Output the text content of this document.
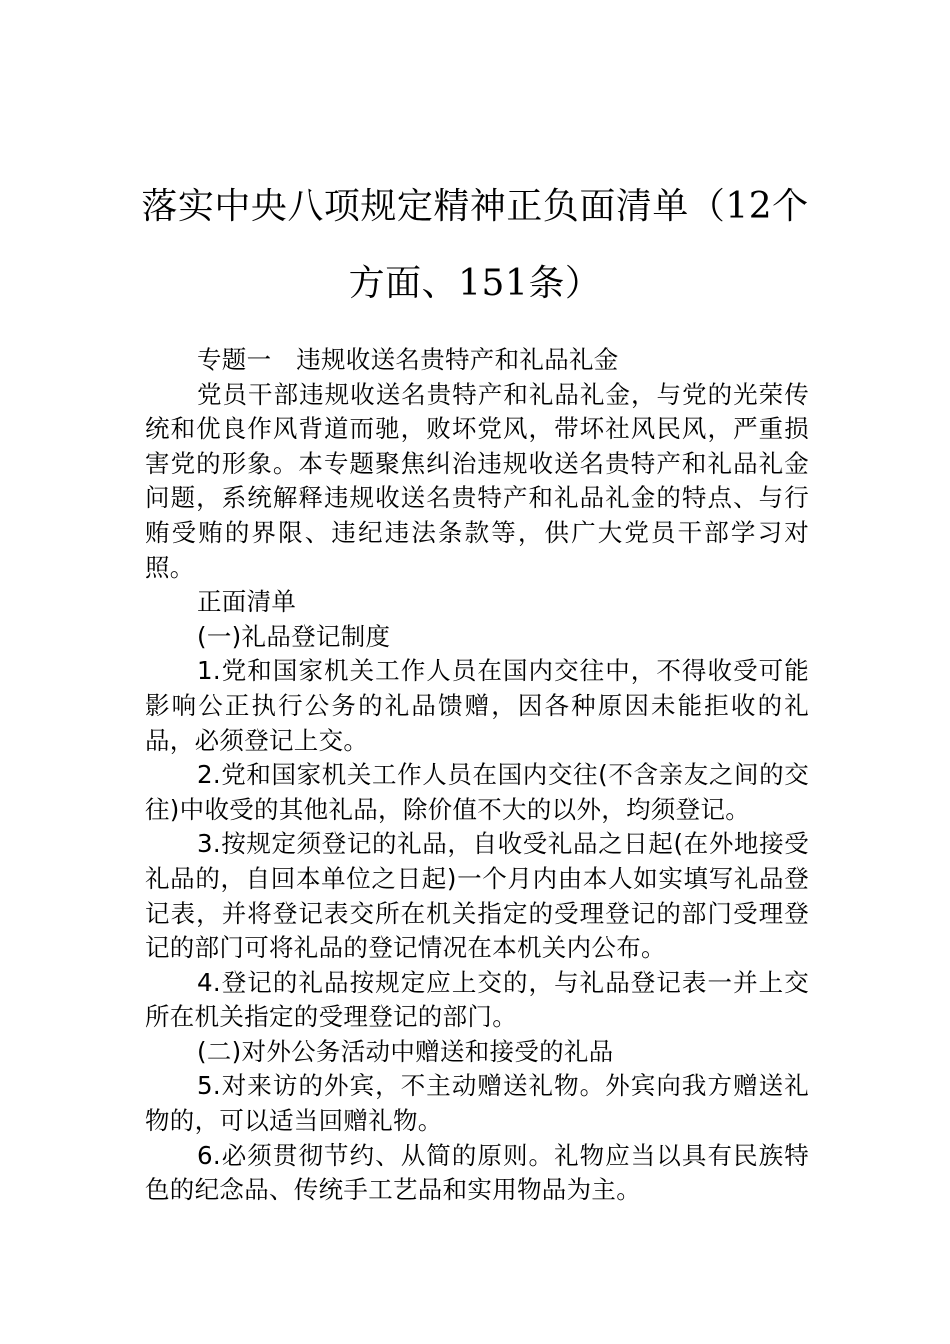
落实中央八项规定精神正负面清单（12个
方面、151条）

专题一　违规收送名贵特产和礼品礼金

党员干部违规收送名贵特产和礼品礼金，与党的光荣传统和优良作风背道而驰，败坏党风，带坏社风民风，严重损害党的形象。本专题聚焦纠治违规收送名贵特产和礼品礼金问题，系统解释违规收送名贵特产和礼品礼金的特点、与行贿受贿的界限、违纪违法条款等，供广大党员干部学习对照。

正面清单

(一)礼品登记制度

1.党和国家机关工作人员在国内交往中，不得收受可能影响公正执行公务的礼品馈赠，因各种原因未能拒收的礼品，必须登记上交。

2.党和国家机关工作人员在国内交往(不含亲友之间的交往)中收受的其他礼品，除价值不大的以外，均须登记。

3.按规定须登记的礼品，自收受礼品之日起(在外地接受礼品的，自回本单位之日起)一个月内由本人如实填写礼品登记表，并将登记表交所在机关指定的受理登记的部门受理登记的部门可将礼品的登记情况在本机关内公布。

4.登记的礼品按规定应上交的，与礼品登记表一并上交所在机关指定的受理登记的部门。

(二)对外公务活动中赠送和接受的礼品

5.对来访的外宾，不主动赠送礼物。外宾向我方赠送礼物的，可以适当回赠礼物。

6.必须贯彻节约、从简的原则。礼物应当以具有民族特色的纪念品、传统手工艺品和实用物品为主。
